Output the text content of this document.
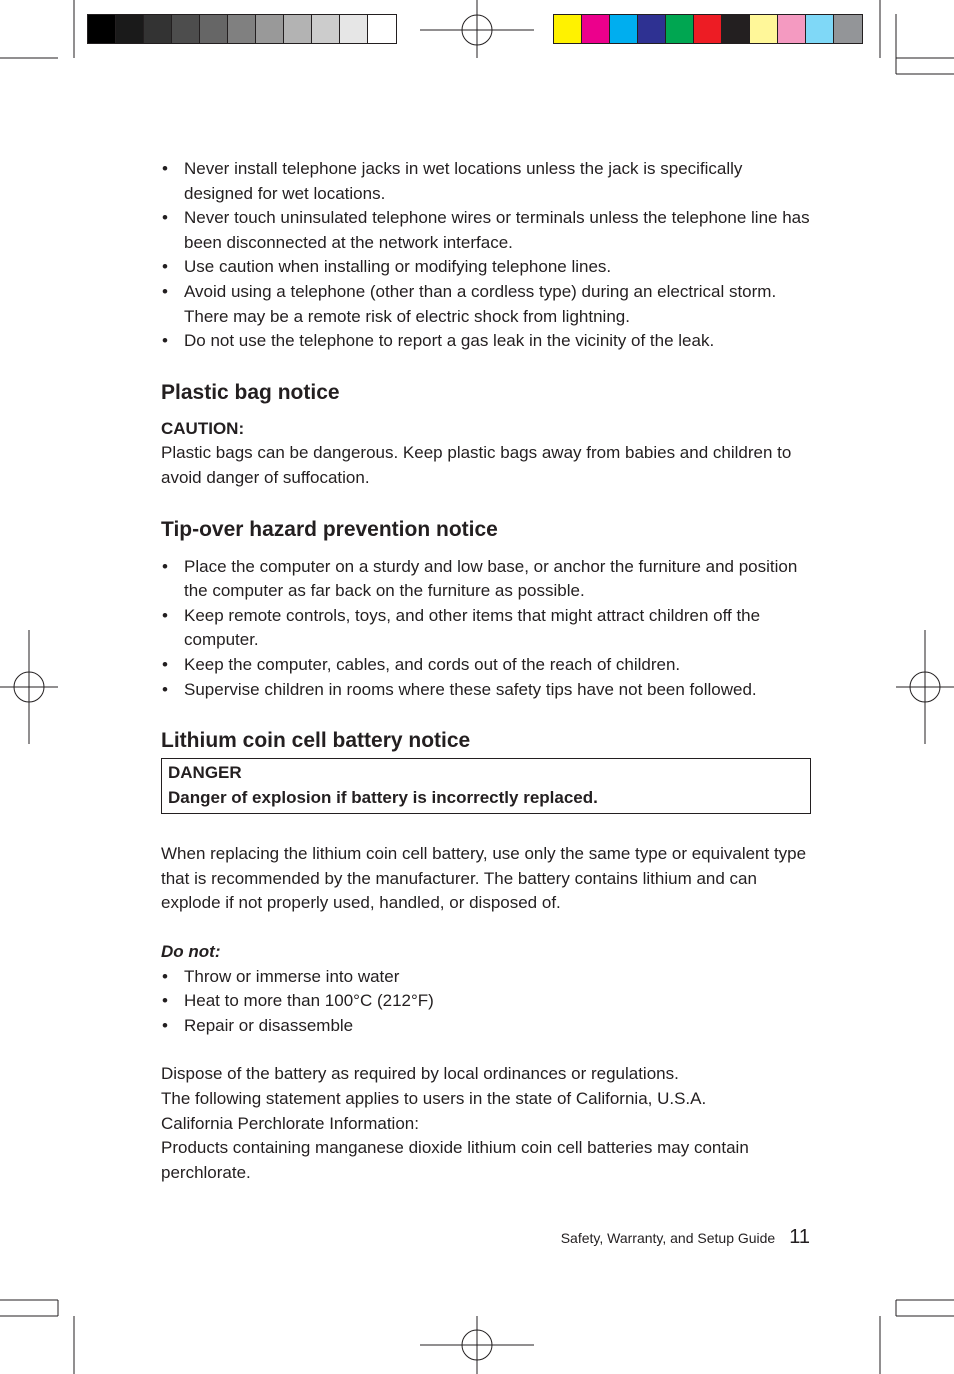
• Never install telephone jacks in wet locations unless the jack is specifically designed for wet locations.
• Never touch uninsulated telephone wires or terminals unless the telephone line has been disconnected at the network interface.
• Use caution when installing or modifying telephone lines.
• Avoid using a telephone (other than a cordless type) during an electrical storm. There may be a remote risk of electric shock from lightning.
• Do not use the telephone to report a gas leak in the vicinity of the leak.
Plastic bag notice

CAUTION:

Plastic bags can be dangerous. Keep plastic bags away from babies and children to avoid danger of suffocation.

Tip-over hazard prevention notice
• Place the computer on a sturdy and low base, or anchor the furniture and position the computer as far back on the furniture as possible.
• Keep remote controls, toys, and other items that might attract children off the computer.
• Keep the computer, cables, and cords out of the reach of children.
• Supervise children in rooms where these safety tips have not been followed.
Lithium coin cell battery notice
DANGER
Danger of explosion if battery is incorrectly replaced.

When replacing the lithium coin cell battery, use only the same type or equivalent type that is recommended by the manufacturer. The battery contains lithium and can explode if not properly used, handled, or disposed of.

Do not:

• Throw or immerse into water
• Heat to more than 100°C (212°F)
• Repair or disassemble

Dispose of the battery as required by local ordinances or regulations.

The following statement applies to users in the state of California, U.S.A.

California Perchlorate Information:

Products containing manganese dioxide lithium coin cell batteries may contain perchlorate.

Safety, Warranty, and Setup Guide 11
